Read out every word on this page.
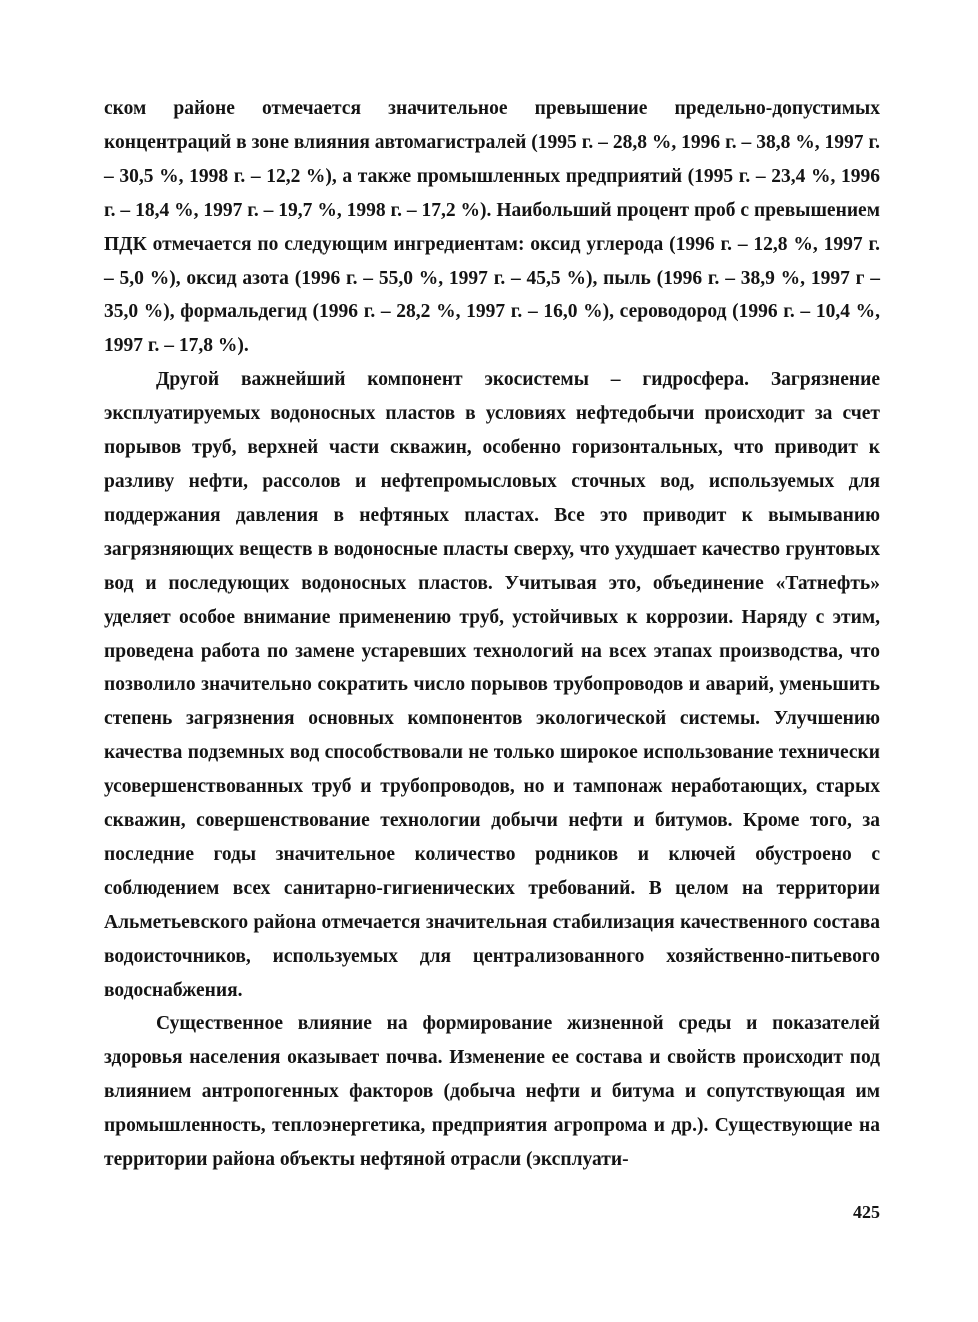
ском районе отмечается значительное превышение предельно-допустимых концентраций в зоне влияния автомагистралей (1995 г. – 28,8 %, 1996 г. – 38,8 %, 1997 г. – 30,5 %, 1998 г. – 12,2 %), а также промышленных предприятий (1995 г. – 23,4 %, 1996 г. – 18,4 %, 1997 г. – 19,7 %, 1998 г. – 17,2 %). Наибольший процент проб с превышением ПДК отмечается по следующим ингредиентам: оксид углерода (1996 г. – 12,8 %, 1997 г. – 5,0 %), оксид азота (1996 г. – 55,0 %, 1997 г. – 45,5 %), пыль (1996 г. – 38,9 %, 1997 г – 35,0 %), формальдегид (1996 г. – 28,2 %, 1997 г. – 16,0 %), сероводород (1996 г. – 10,4 %, 1997 г. – 17,8 %).

Другой важнейший компонент экосистемы – гидросфера. Загрязнение эксплуатируемых водоносных пластов в условиях нефтедобычи происходит за счет порывов труб, верхней части скважин, особенно горизонтальных, что приводит к разливу нефти, рассолов и нефтепромысловых сточных вод, используемых для поддержания давления в нефтяных пластах. Все это приводит к вымыванию загрязняющих веществ в водоносные пласты сверху, что ухудшает качество грунтовых вод и последующих водоносных пластов. Учитывая это, объединение «Татнефть» уделяет особое внимание применению труб, устойчивых к коррозии. Наряду с этим, проведена работа по замене устаревших технологий на всех этапах производства, что позволило значительно сократить число порывов трубопроводов и аварий, уменьшить степень загрязнения основных компонентов экологической системы. Улучшению качества подземных вод способствовали не только широкое использование технически усовершенствованных труб и трубопроводов, но и тампонаж неработающих, старых скважин, совершенствование технологии добычи нефти и битумов. Кроме того, за последние годы значительное количество родников и ключей обустроено с соблюдением всех санитарно-гигиенических требований. В целом на территории Альметьевского района отмечается значительная стабилизация качественного состава водоисточников, используемых для централизованного хозяйственно-питьевого водоснабжения.

Существенное влияние на формирование жизненной среды и показателей здоровья населения оказывает почва. Изменение ее состава и свойств происходит под влиянием антропогенных факторов (добыча нефти и битума и сопутствующая им промышленность, теплоэнергетика, предприятия агропрома и др.). Существующие на территории района объекты нефтяной отрасли (эксплуати-

425
